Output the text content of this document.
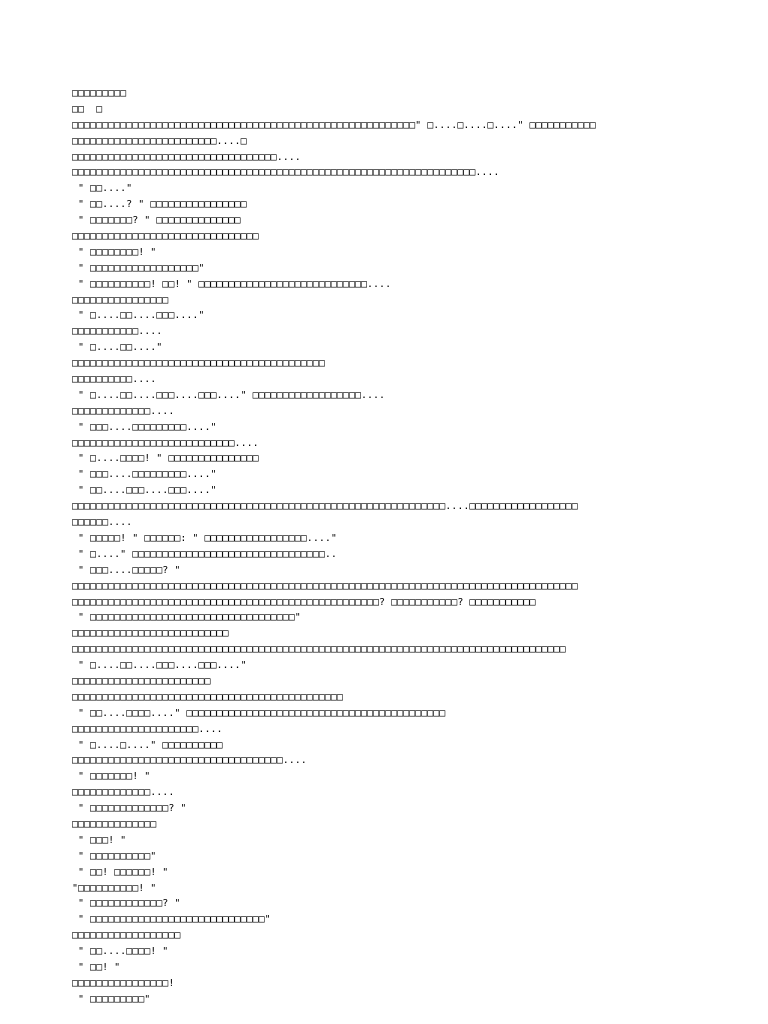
□□□□□□□□□
□□  □
□□□□□□□□□□□□□□□□□□□□□□□□□□□□□□□□□□□□□□□□□□□□□□□□□□□□□□□□□" □....□....□...." □□□□□□□□□□□
□□□□□□□□□□□□□□□□□□□□□□□□....□
□□□□□□□□□□□□□□□□□□□□□□□□□□□□□□□□□□....
□□□□□□□□□□□□□□□□□□□□□□□□□□□□□□□□□□□□□□□□□□□□□□□□□□□□□□□□□□□□□□□□□□□....
" □□...."
" □□....? " □□□□□□□□□□□□□□□□
" □□□□□□□? " □□□□□□□□□□□□□□
□□□□□□□□□□□□□□□□□□□□□□□□□□□□□□□
" □□□□□□□□! "
" □□□□□□□□□□□□□□□□□□"
" □□□□□□□□□□! □□! " □□□□□□□□□□□□□□□□□□□□□□□□□□□□....
□□□□□□□□□□□□□□□□
" □....□□....□□□...."
□□□□□□□□□□□....
" □....□□...."
□□□□□□□□□□□□□□□□□□□□□□□□□□□□□□□□□□□□□□□□□□
□□□□□□□□□□....
" □....□□....□□□....□□□...." □□□□□□□□□□□□□□□□□□....
□□□□□□□□□□□□□....
" □□□....□□□□□□□□□...."
□□□□□□□□□□□□□□□□□□□□□□□□□□□....
" □....□□□□! " □□□□□□□□□□□□□□□
" □□□....□□□□□□□□□...."
" □□....□□□....□□□...."
□□□□□□□□□□□□□□□□□□□□□□□□□□□□□□□□□□□□□□□□□□□□□□□□□□□□□□□□□□□□□□....□□□□□□□□□□□□□□□□□□
□□□□□□....
" □□□□□! " □□□□□□: " □□□□□□□□□□□□□□□□□...."
" □...." □□□□□□□□□□□□□□□□□□□□□□□□□□□□□□□□..
" □□□....□□□□□? "
□□□□□□□□□□□□□□□□□□□□□□□□□□□□□□□□□□□□□□□□□□□□□□□□□□□□□□□□□□□□□□□□□□□□□□□□□□□□□□□□□□□□
□□□□□□□□□□□□□□□□□□□□□□□□□□□□□□□□□□□□□□□□□□□□□□□□□□□? □□□□□□□□□□□? □□□□□□□□□□□
" □□□□□□□□□□□□□□□□□□□□□□□□□□□□□□□□□□"
□□□□□□□□□□□□□□□□□□□□□□□□□□
□□□□□□□□□□□□□□□□□□□□□□□□□□□□□□□□□□□□□□□□□□□□□□□□□□□□□□□□□□□□□□□□□□□□□□□□□□□□□□□□□□
" □....□□....□□□....□□□...."
□□□□□□□□□□□□□□□□□□□□□□□
□□□□□□□□□□□□□□□□□□□□□□□□□□□□□□□□□□□□□□□□□□□□□
" □□....□□□□...." □□□□□□□□□□□□□□□□□□□□□□□□□□□□□□□□□□□□□□□□□□□
□□□□□□□□□□□□□□□□□□□□□....
" □....□...." □□□□□□□□□□
□□□□□□□□□□□□□□□□□□□□□□□□□□□□□□□□□□□....
" □□□□□□□! "
□□□□□□□□□□□□□....
" □□□□□□□□□□□□□? "
□□□□□□□□□□□□□□
" □□□! "
" □□□□□□□□□□"
" □□! □□□□□□! "
"□□□□□□□□□□! "
" □□□□□□□□□□□□? "
" □□□□□□□□□□□□□□□□□□□□□□□□□□□□□"
□□□□□□□□□□□□□□□□□□
" □□....□□□□! "
" □□! "
□□□□□□□□□□□□□□□□!
" □□□□□□□□□"
